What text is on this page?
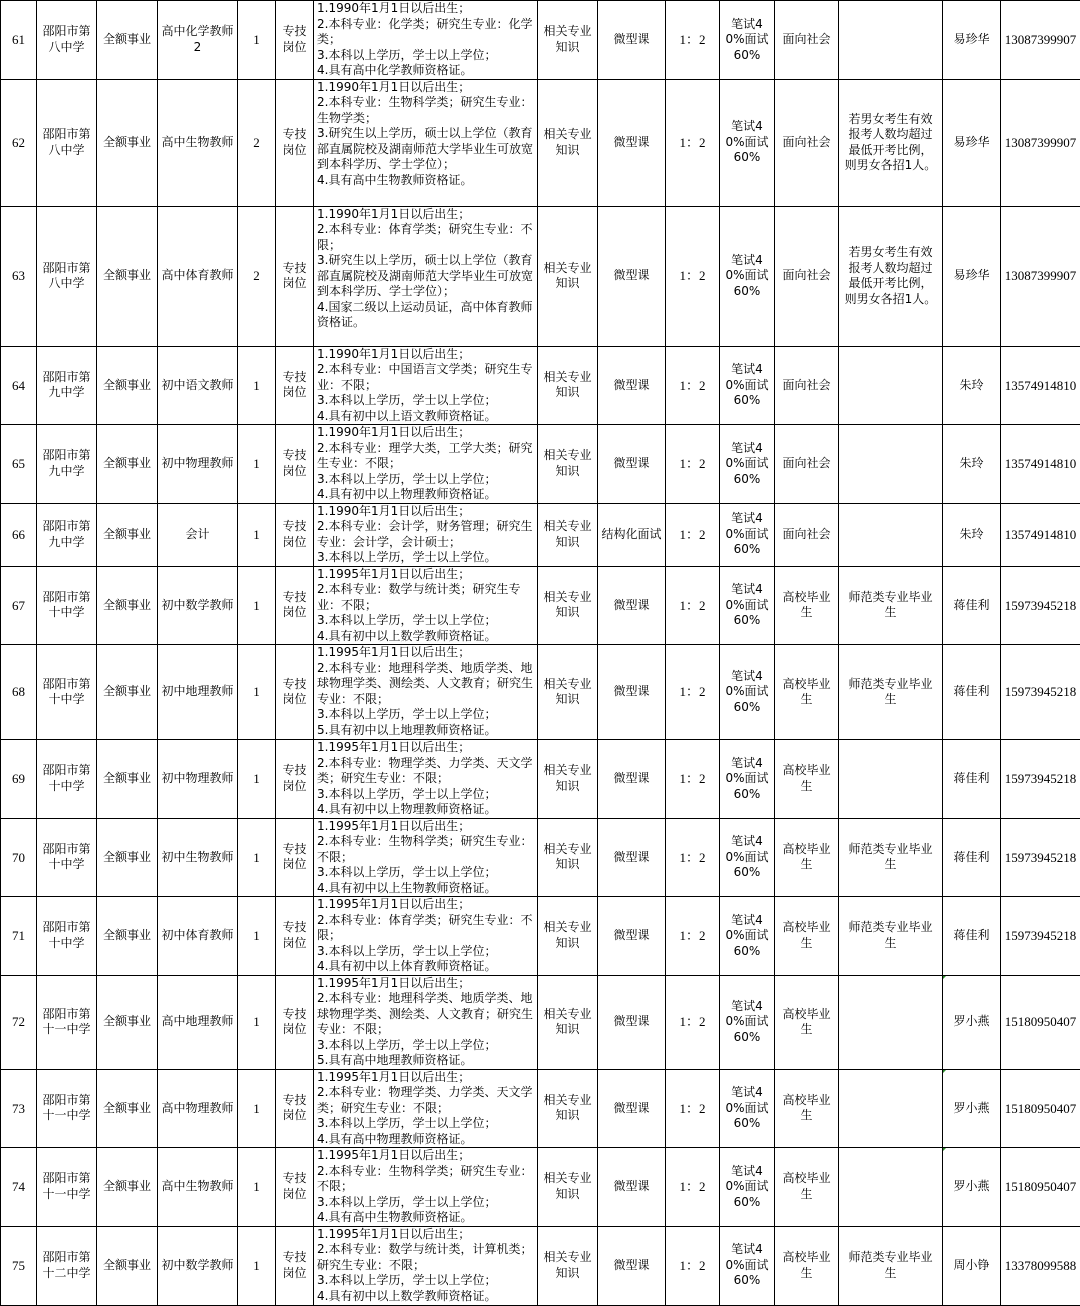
61	邵阳市第八中学	全额事业	高中化学教师2	1	专技岗位	1.1990年1月1日以后出生；
2.本科专业：化学类；研究生专业：化学类；
3.本科以上学历，学士以上学位；
4.具有高中化学教师资格证。	相关专业知识	微型课	1：2	笔试40%面试60%	面向社会		易珍华	13087399907
62	邵阳市第八中学	全额事业	高中生物教师	2	专技岗位	1.1990年1月1日以后出生；
2.本科专业：生物科学类；研究生专业：生物学类；
3.研究生以上学历，硕士以上学位（教育部直属院校及湖南师范大学毕业生可放宽到本科学历、学士学位）；
4.具有高中生物教师资格证。	相关专业知识	微型课	1：2	笔试40%面试60%	面向社会	若男女考生有效报考人数均超过最低开考比例，则男女各招1人。	易珍华	13087399907
63	邵阳市第八中学	全额事业	高中体育教师	2	专技岗位	1.1990年1月1日以后出生；
2.本科专业：体育学类；研究生专业：不限；
3.研究生以上学历，硕士以上学位（教育部直属院校及湖南师范大学毕业生可放宽到本科学历、学士学位）；
4.国家二级以上运动员证，高中体育教师资格证。	相关专业知识	微型课	1：2	笔试40%面试60%	面向社会	若男女考生有效报考人数均超过最低开考比例，则男女各招1人。	易珍华	13087399907
64	邵阳市第九中学	全额事业	初中语文教师	1	专技岗位	1.1990年1月1日以后出生；
2.本科专业：中国语言文学类；研究生专业：不限；
3.本科以上学历，学士以上学位；
4.具有初中以上语文教师资格证。	相关专业知识	微型课	1：2	笔试40%面试60%	面向社会		朱玲	13574914810
65	邵阳市第九中学	全额事业	初中物理教师	1	专技岗位	1.1990年1月1日以后出生；
2.本科专业：理学大类，工学大类；研究生专业：不限；
3.本科以上学历，学士以上学位；
4.具有初中以上物理教师资格证。	相关专业知识	微型课	1：2	笔试40%面试60%	面向社会		朱玲	13574914810
66	邵阳市第九中学	全额事业	会计	1	专技岗位	1.1990年1月1日以后出生；
2.本科专业：会计学，财务管理；研究生专业：会计学，会计硕士；
3.本科以上学历，学士以上学位。	相关专业知识	结构化面试	1：2	笔试40%面试60%	面向社会		朱玲	13574914810
67	邵阳市第十中学	全额事业	初中数学教师	1	专技岗位	1.1995年1月1日以后出生；
2.本科专业：数学与统计类；研究生专业：不限；
3.本科以上学历，学士以上学位；
4.具有初中以上数学教师资格证。	相关专业知识	微型课	1：2	笔试40%面试60%	高校毕业生	师范类专业毕业生	蒋佳利	15973945218
68	邵阳市第十中学	全额事业	初中地理教师	1	专技岗位	1.1995年1月1日以后出生；
2.本科专业：地理科学类、地质学类、地球物理学类、测绘类、人文教育；研究生专业：不限；
3.本科以上学历，学士以上学位；
5.具有初中以上地理教师资格证。	相关专业知识	微型课	1：2	笔试40%面试60%	高校毕业生	师范类专业毕业生	蒋佳利	15973945218
69	邵阳市第十中学	全额事业	初中物理教师	1	专技岗位	1.1995年1月1日以后出生；
2.本科专业：物理学类、力学类、天文学类；研究生专业：不限；
3.本科以上学历，学士以上学位；
4.具有初中以上物理教师资格证。	相关专业知识	微型课	1：2	笔试40%面试60%	高校毕业生		蒋佳利	15973945218
70	邵阳市第十中学	全额事业	初中生物教师	1	专技岗位	1.1995年1月1日以后出生；
2.本科专业：生物科学类；研究生专业：不限；
3.本科以上学历，学士以上学位；
4.具有初中以上生物教师资格证。	相关专业知识	微型课	1：2	笔试40%面试60%	高校毕业生	师范类专业毕业生	蒋佳利	15973945218
71	邵阳市第十中学	全额事业	初中体育教师	1	专技岗位	1.1995年1月1日以后出生；
2.本科专业：体育学类；研究生专业：不限；
3.本科以上学历，学士以上学位；
4.具有初中以上体育教师资格证。	相关专业知识	微型课	1：2	笔试40%面试60%	高校毕业生	师范类专业毕业生	蒋佳利	15973945218
72	邵阳市第十一中学	全额事业	高中地理教师	1	专技岗位	1.1995年1月1日以后出生；
2.本科专业：地理科学类、地质学类、地球物理学类、测绘类、人文教育；研究生专业：不限；
3.本科以上学历，学士以上学位；
5.具有高中地理教师资格证。	相关专业知识	微型课	1：2	笔试40%面试60%	高校毕业生		罗小燕	15180950407
73	邵阳市第十一中学	全额事业	高中物理教师	1	专技岗位	1.1995年1月1日以后出生；
2.本科专业：物理学类、力学类、天文学类；研究生专业：不限；
3.本科以上学历，学士以上学位；
4.具有高中物理教师资格证。	相关专业知识	微型课	1：2	笔试40%面试60%	高校毕业生		罗小燕	15180950407
74	邵阳市第十一中学	全额事业	高中生物教师	1	专技岗位	1.1995年1月1日以后出生；
2.本科专业：生物科学类；研究生专业：不限；
3.本科以上学历，学士以上学位；
4.具有高中生物教师资格证。	相关专业知识	微型课	1：2	笔试40%面试60%	高校毕业生		罗小燕	15180950407
75	邵阳市第十二中学	全额事业	初中数学教师	1	专技岗位	1.1995年1月1日以后出生；
2.本科专业：数学与统计类，计算机类；研究生专业：不限；
3.本科以上学历，学士以上学位；
4.具有初中以上数学教师资格证。	相关专业知识	微型课	1：2	笔试40%面试60%	高校毕业生	师范类专业毕业生	周小铮	13378099588
